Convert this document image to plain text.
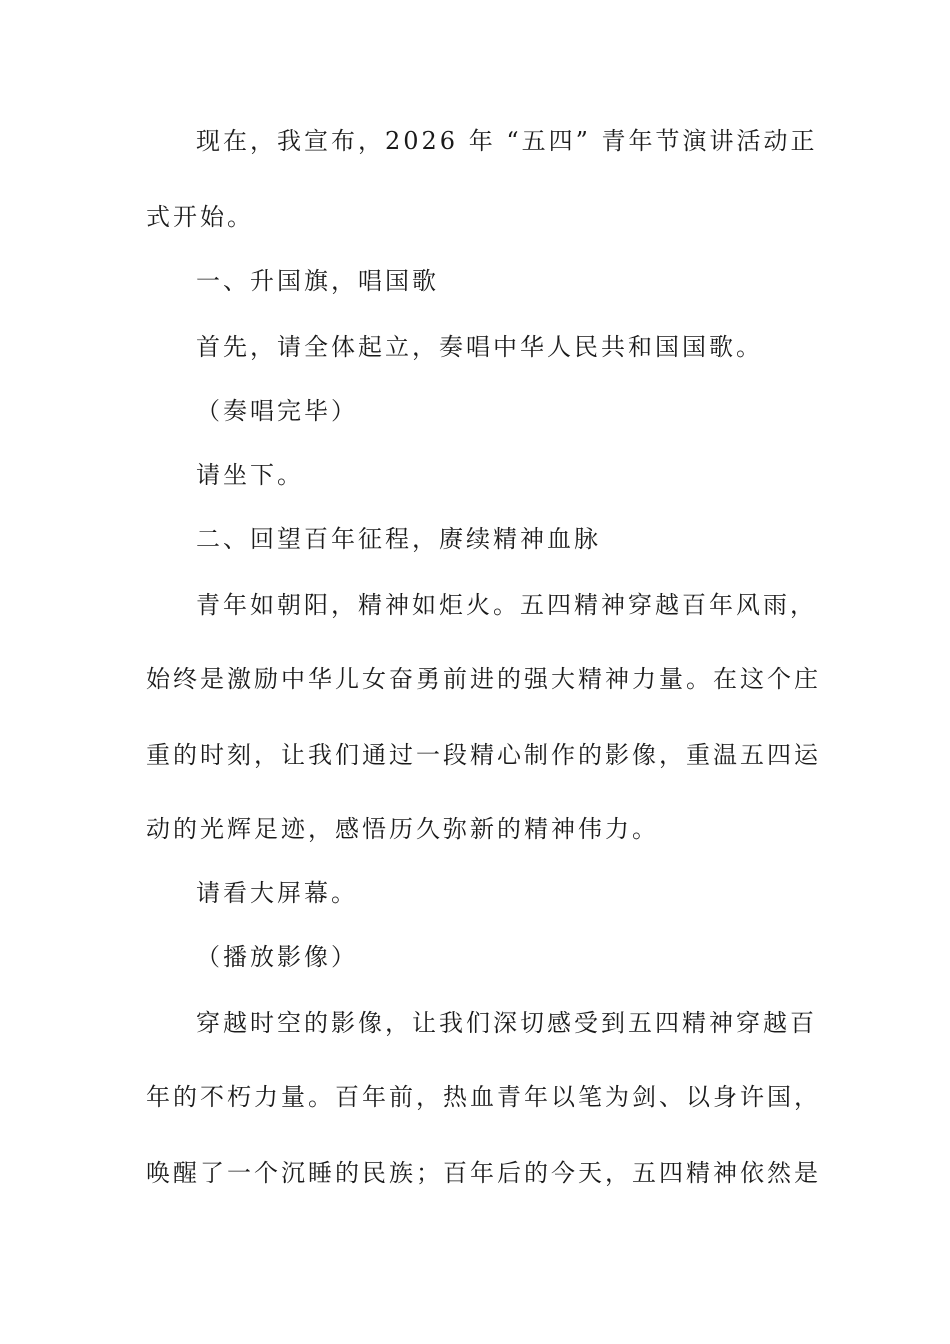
现在，我宣布，2026 年 “五四” 青年节演讲活动正
式开始。
一、升国旗，唱国歌
首先，请全体起立，奏唱中华人民共和国国歌。
（奏唱完毕）
请坐下。
二、回望百年征程，赓续精神血脉
青年如朝阳，精神如炬火。五四精神穿越百年风雨，
始终是激励中华儿女奋勇前进的强大精神力量。在这个庄
重的时刻，让我们通过一段精心制作的影像，重温五四运
动的光辉足迹，感悟历久弥新的精神伟力。
请看大屏幕。
（播放影像）
穿越时空的影像，让我们深切感受到五四精神穿越百
年的不朽力量。百年前，热血青年以笔为剑、以身许国，
唤醒了一个沉睡的民族；百年后的今天，五四精神依然是
